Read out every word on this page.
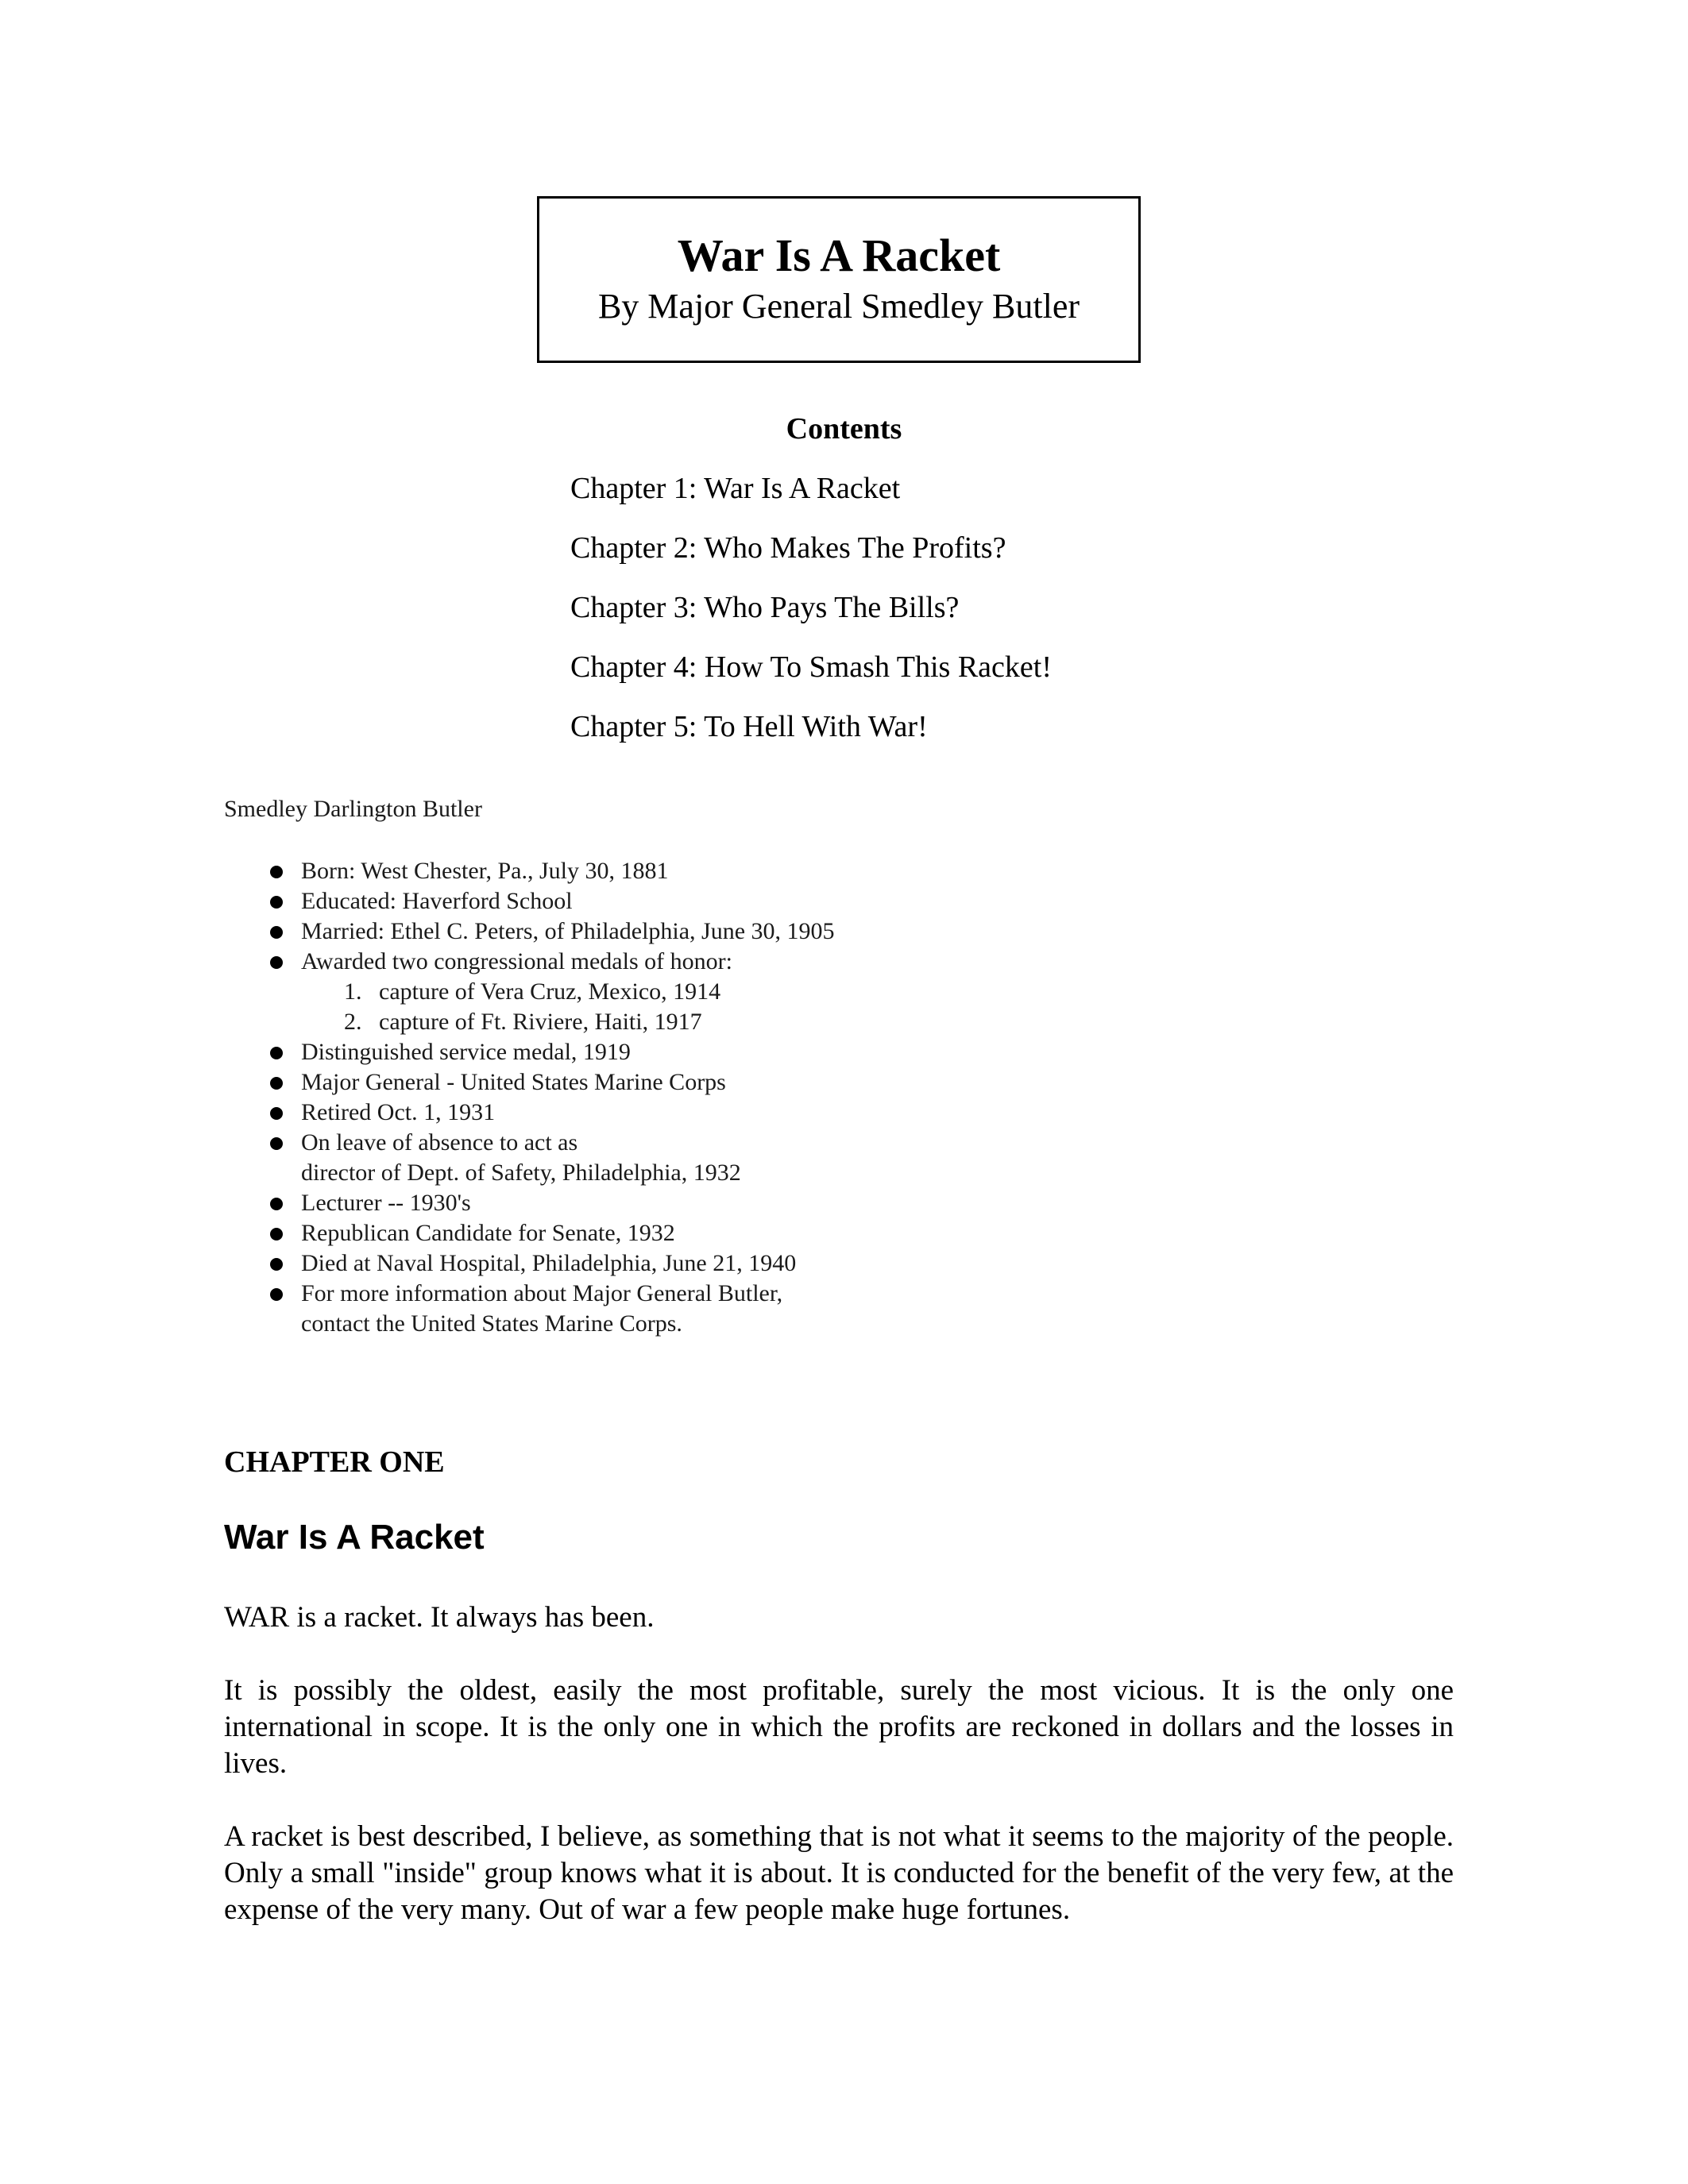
War Is A Racket
By Major General Smedley Butler
Contents
Chapter 1: War Is A Racket
Chapter 2: Who Makes The Profits?
Chapter 3: Who Pays The Bills?
Chapter 4: How To Smash This Racket!
Chapter 5: To Hell With War!
Smedley Darlington Butler
Born: West Chester, Pa., July 30, 1881
Educated: Haverford School
Married: Ethel C. Peters, of Philadelphia, June 30, 1905
Awarded two congressional medals of honor:
1. capture of Vera Cruz, Mexico, 1914
2. capture of Ft. Riviere, Haiti, 1917
Distinguished service medal, 1919
Major General - United States Marine Corps
Retired Oct. 1, 1931
On leave of absence to act as
director of Dept. of Safety, Philadelphia, 1932
Lecturer -- 1930's
Republican Candidate for Senate, 1932
Died at Naval Hospital, Philadelphia, June 21, 1940
For more information about Major General Butler,
contact the United States Marine Corps.
CHAPTER ONE
War Is A Racket

WAR is a racket. It always has been.

It is possibly the oldest, easily the most profitable, surely the most vicious. It is the only one international in scope. It is the only one in which the profits are reckoned in dollars and the losses in lives.

A racket is best described, I believe, as something that is not what it seems to the majority of the people. Only a small "inside" group knows what it is about. It is conducted for the benefit of the very few, at the expense of the very many. Out of war a few people make huge fortunes.
